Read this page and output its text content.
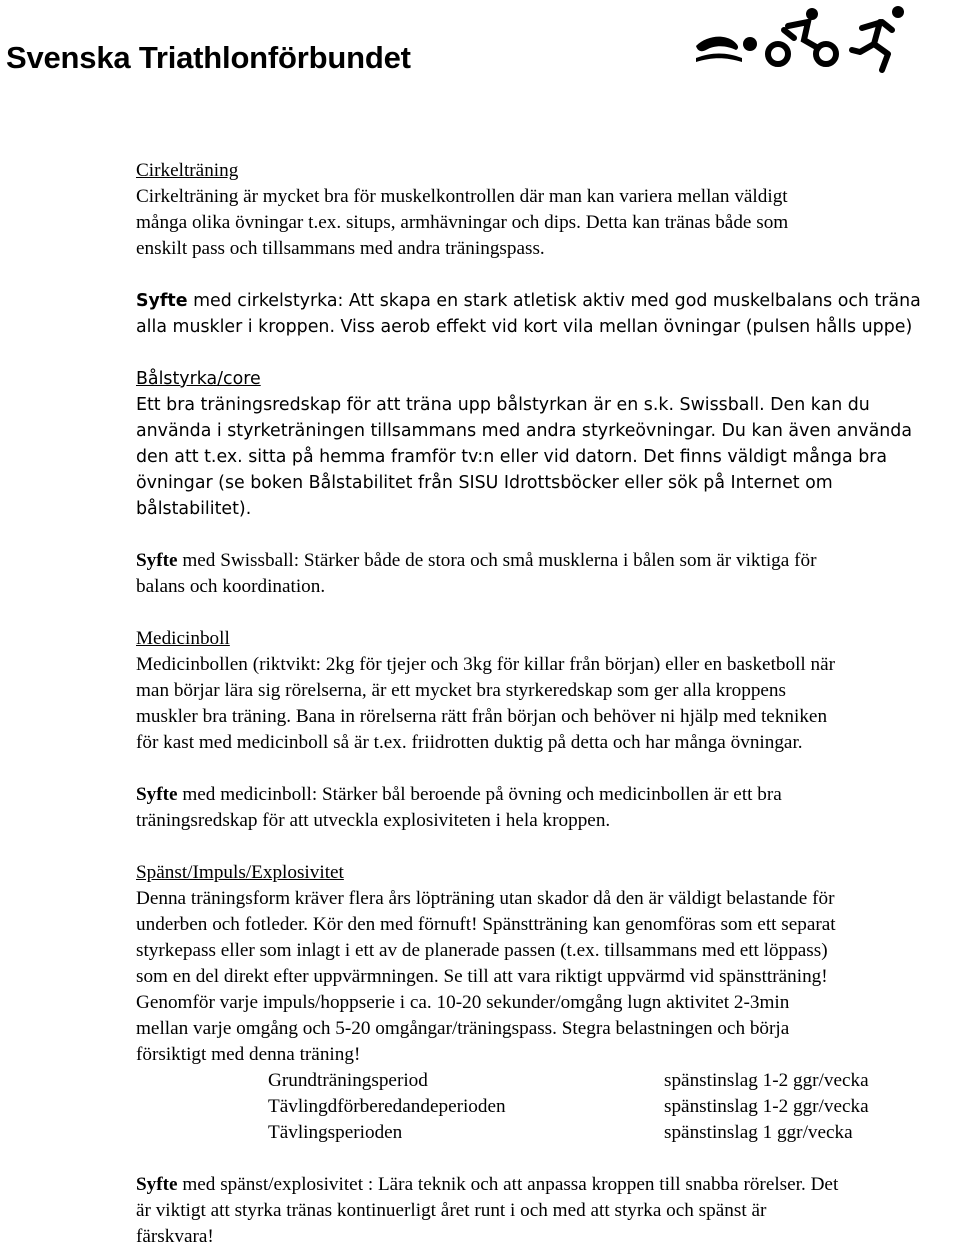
Svenska Triathlonförbundet
Cirkelträning

Cirkelträning är mycket bra för muskelkontrollen där man kan variera mellan väldigt
många olika övningar t.ex. situps, armhävningar och dips. Detta kan tränas både som
enskilt pass och tillsammans med andra träningspass.

Syfte med cirkelstyrka: Att skapa en stark atletisk aktiv med god muskelbalans och träna
alla muskler i kroppen. Viss aerob effekt vid kort vila mellan övningar (pulsen hålls uppe)

Bålstyrka/core

Ett bra träningsredskap för att träna upp bålstyrkan är en s.k. Swissball. Den kan du
använda i styrketräningen tillsammans med andra styrkeövningar. Du kan även använda
den att t.ex. sitta på hemma framför tv:n eller vid datorn. Det finns väldigt många bra
övningar (se boken Bålstabilitet från SISU Idrottsböcker eller sök på Internet om
bålstabilitet).

Syfte med Swissball: Stärker både de stora och små musklerna i bålen som är viktiga för
balans och koordination.

Medicinboll

Medicinbollen (riktvikt: 2kg för tjejer och 3kg för killar från början) eller en basketboll när
man börjar lära sig rörelserna, är ett mycket bra styrkeredskap som ger alla kroppens
muskler bra träning. Bana in rörelserna rätt från början och behöver ni hjälp med tekniken
för kast med medicinboll så är t.ex. friidrotten duktig på detta och har många övningar.

Syfte med medicinboll: Stärker bål beroende på övning och medicinbollen är ett bra
träningsredskap för att utveckla explosiviteten i hela kroppen.

Spänst/Impuls/Explosivitet

Denna träningsform kräver flera års löpträning utan skador då den är väldigt belastande för
underben och fotleder. Kör den med förnuft! Spänstträning kan genomföras som ett separat
styrkepass eller som inlagt i ett av de planerade passen (t.ex. tillsammans med ett löppass)
som en del direkt efter uppvärmningen. Se till att vara riktigt uppvärmd vid spänstträning!
Genomför varje impuls/hoppserie i ca. 10-20 sekunder/omgång lugn aktivitet 2-3min
mellan varje omgång och 5-20 omgångar/träningspass. Stegra belastningen och börja
försiktigt med denna träning!

Grundträningsperiod	spänstinslag 1-2 ggr/vecka
Tävlingdförberedandeperioden	spänstinslag 1-2 ggr/vecka
Tävlingsperioden	spänstinslag 1 ggr/vecka

Syfte med spänst/explosivitet : Lära teknik och att anpassa kroppen till snabba rörelser. Det
är viktigt att styrka tränas kontinuerligt året runt i och med att styrka och spänst är
färskvara!
